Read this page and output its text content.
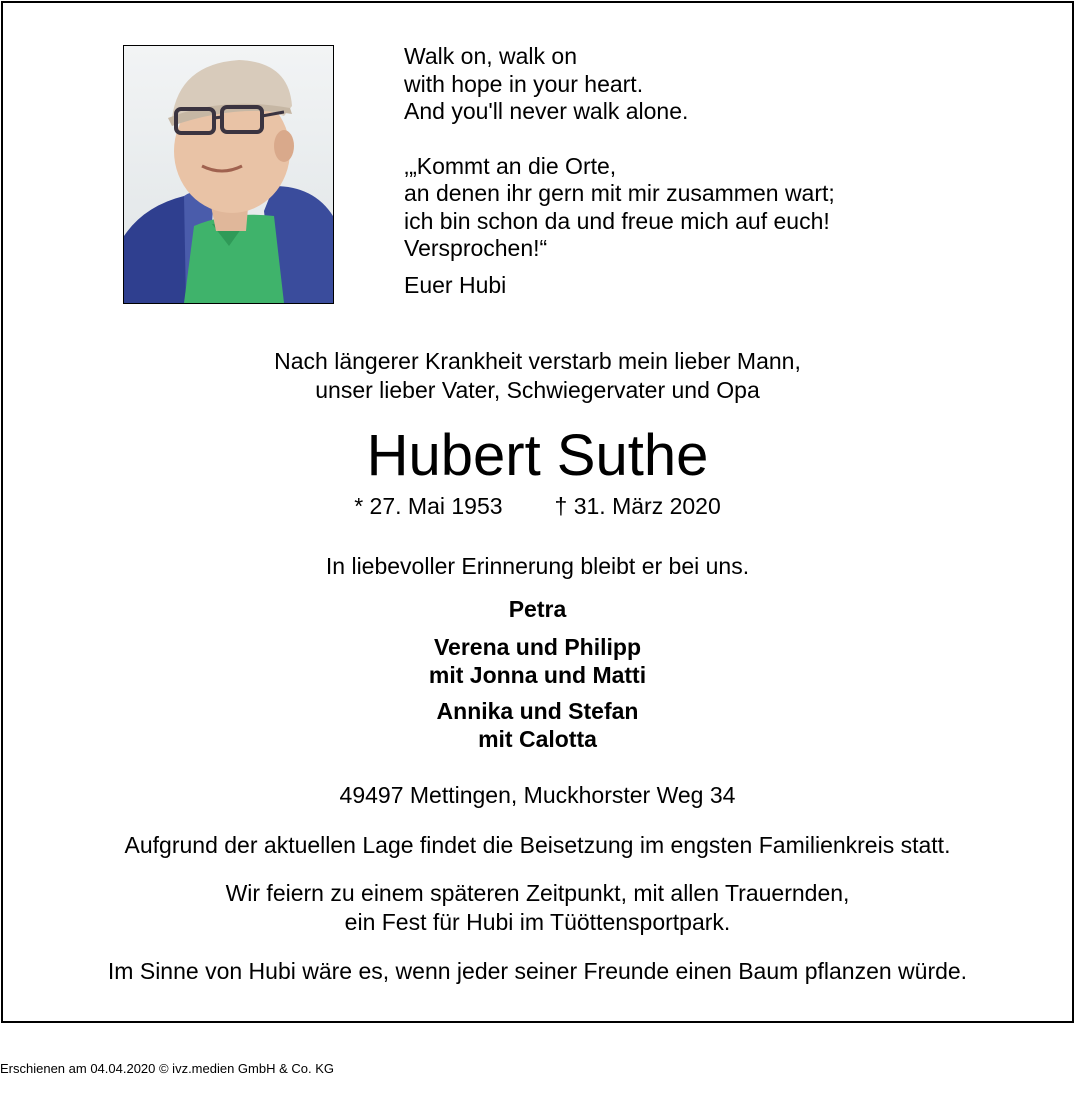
Walk on, walk on

with hope in your heart.

And you'll never walk alone.

‚„Kommt an die Orte,

an denen ihr gern mit mir zusammen wart;

ich bin schon da und freue mich auf euch!

Versprochen!“

Euer Hubi

Nach längerer Krankheit verstarb mein lieber Mann,
unser lieber Vater, Schwiegervater und Opa
Hubert Suthe
* 27. Mai 1953 † 31. März 2020
In liebevoller Erinnerung bleibt er bei uns.
Petra
Verena und Philipp
mit Jonna und Matti
Annika und Stefan
mit Calotta
49497 Mettingen, Muckhorster Weg 34
Aufgrund der aktuellen Lage findet die Beisetzung im engsten Familienkreis statt.
Wir feiern zu einem späteren Zeitpunkt, mit allen Trauernden,
ein Fest für Hubi im Tüöttensportpark.
Im Sinne von Hubi wäre es, wenn jeder seiner Freunde einen Baum pflanzen würde.
Erschienen am 04.04.2020 © ivz.medien GmbH & Co. KG
